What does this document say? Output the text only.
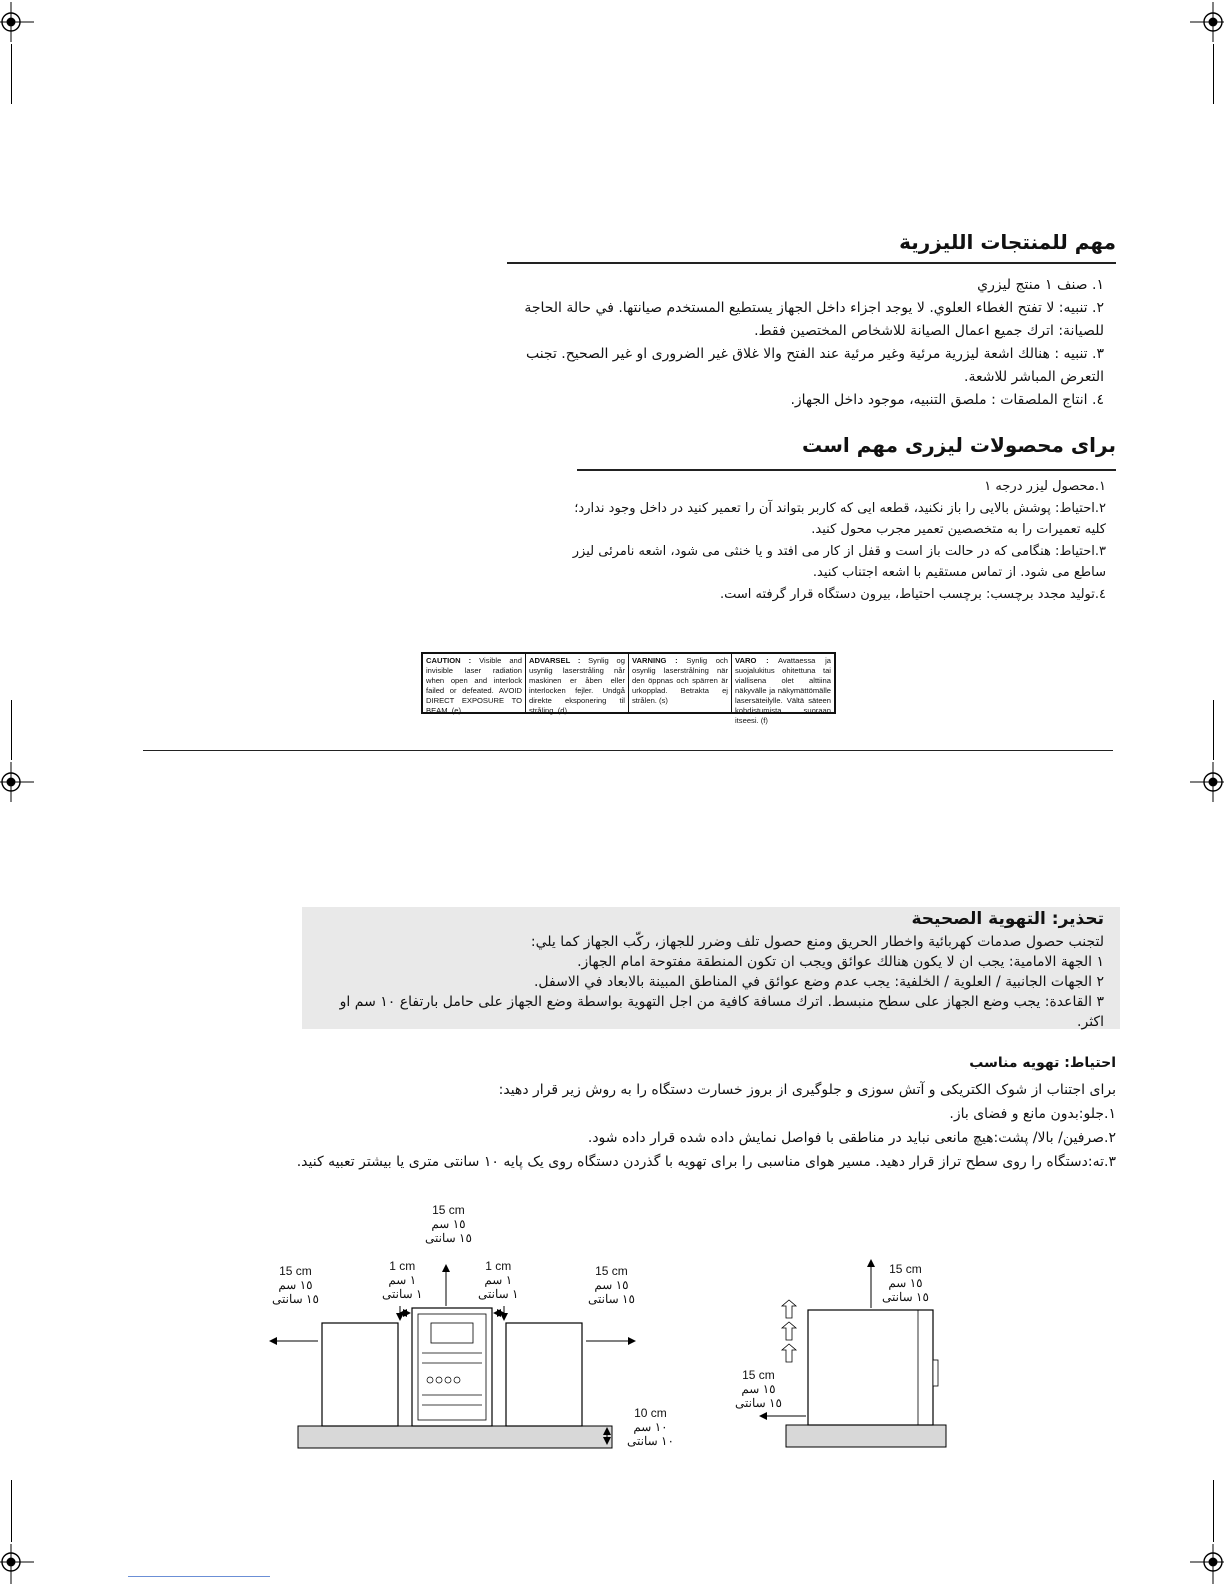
مهم للمنتجات الليزرية
١. صنف ١ منتج ليزري
٢. تنبيه: لا تفتح الغطاء العلوي. لا يوجد اجزاء داخل الجهاز يستطيع المستخدم صيانتها. في حالة الحاجة للصيانة: اترك جميع اعمال الصيانة للاشخاص المختصين فقط.
٣. تنبيه : هنالك اشعة ليزرية مرئية وغير مرئية عند الفتح والا غلاق غير الضرورى او غير الصحيح. تجنب التعرض المباشر للاشعة.
٤. انتاج الملصقات : ملصق التنبيه، موجود داخل الجهاز.
برای محصولات ليزری مهم است
١.محصول ليزر درجه ١
٢.احتياط: پوشش بالايی را باز نکنيد، قطعه ايی که کاربر بتواند آن را تعمير کنيد در داخل وجود ندارد؛ کليه تعميرات را به متخصصين تعمير مجرب محول کنيد.
٣.احتياط: هنگامی که در حالت باز است و قفل از کار می افتد و يا خنثی می شود، اشعه نامرئی ليزر ساطع می شود. از تماس مستقيم با اشعه اجتناب کنيد.
٤.توليد مجدد برچسب: برچسب احتياط، بيرون دستگاه قرار گرفته است.
CAUTION : Visible and invisible laser radiation when open and interlock failed or defeated. AVOID DIRECT EXPOSURE TO BEAM. (e)
ADVARSEL : Synlig og usynlig laserstråling når maskinen er åben eller interlocken fejler. Undgå direkte eksponering til stråling. (d)
VARNING : Synlig och osynlig laserstrålning när den öppnas och spärren är urkopplad. Betrakta ej strålen. (s)
VARO : Avattaessa ja suojalukitus ohitettuna tai viallisena olet alttiina näkyvälle ja näkymättömälle lasersäteilylle. Vältä säteen kohdistumista suoraan itseesi. (f)
تحذير: التهوية الصحيحة
لتجنب حصول صدمات كهربائية واخطار الحريق ومنع حصول تلف وضرر للجهاز، ركّب الجهاز كما يلي:
١ الجهة الامامية: يجب ان لا يكون هنالك عوائق ويجب ان تكون المنطقة مفتوحة امام الجهاز.
٢ الجهات الجانبية / العلوية / الخلفية: يجب عدم وضع عوائق في المناطق المبينة بالابعاد في الاسفل.
٣ القاعدة: يجب وضع الجهاز على سطح منبسط. اترك مسافة كافية من اجل التهوية بواسطة وضع الجهاز على حامل بارتفاع ١٠ سم او اكثر.
احتياط: تهويه مناسب
برای اجتناب از شوک الکتريکی و آتش سوزی و جلوگيری از بروز خسارت دستگاه را به روش زير قرار دهيد:
١.جلو:بدون مانع و فضای باز.
٢.صرفين/ بالا/ پشت:هيچ مانعی نبايد در مناطقی با فواصل نمايش داده شده قرار داده شود.
٣.ته:دستگاه را روی سطح تراز قرار دهيد. مسير هوای مناسبی را برای تهويه با گذردن دستگاه روی يک پايه ١٠ سانتی متری يا بيشتر تعبيه کنيد.
15 cm
١٥ سم
١٥ سانتی
15 cm
١٥ سم
١٥ سانتی
1 cm
١ سم
١ سانتی
1 cm
١ سم
١ سانتی
15 cm
١٥ سم
١٥ سانتی
10 cm
١٠ سم
١٠ سانتی
15 cm
١٥ سم
١٥ سانتی
15 cm
١٥ سم
١٥ سانتی
